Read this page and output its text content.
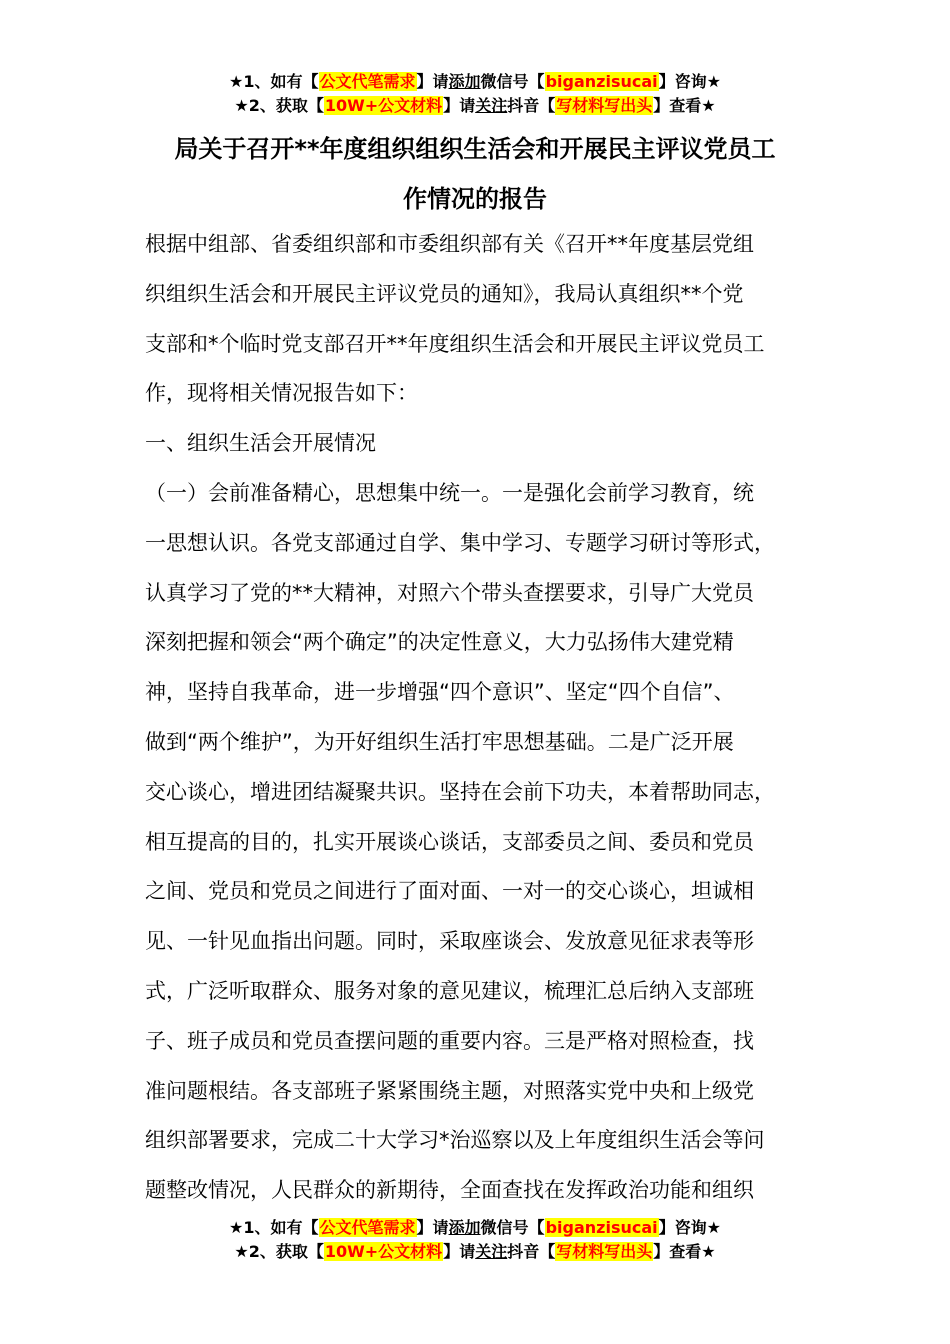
★1、如有【公文代笔需求】请添加微信号【biganzisucai】咨询★
★2、获取【10W+公文材料】请关注抖音【写材料写出头】查看★
局关于召开**年度组织组织生活会和开展民主评议党员工
作情况的报告

根据中组部、省委组织部和市委组织部有关《召开**年度基层党组

织组织生活会和开展民主评议党员的通知》，我局认真组织**个党

支部和*个临时党支部召开**年度组织生活会和开展民主评议党员工

作，现将相关情况报告如下：

一、组织生活会开展情况

（一）会前准备精心，思想集中统一。一是强化会前学习教育，统

一思想认识。各党支部通过自学、集中学习、专题学习研讨等形式，

认真学习了党的**大精神，对照六个带头查摆要求，引导广大党员

深刻把握和领会“两个确定”的决定性意义，大力弘扬伟大建党精

神，坚持自我革命，进一步增强“四个意识”、坚定“四个自信”、

做到“两个维护”，为开好组织生活打牢思想基础。二是广泛开展

交心谈心，增进团结凝聚共识。坚持在会前下功夫，本着帮助同志，

相互提高的目的，扎实开展谈心谈话，支部委员之间、委员和党员

之间、党员和党员之间进行了面对面、一对一的交心谈心，坦诚相

见、一针见血指出问题。同时，采取座谈会、发放意见征求表等形

式，广泛听取群众、服务对象的意见建议，梳理汇总后纳入支部班

子、班子成员和党员查摆问题的重要内容。三是严格对照检查，找

准问题根结。各支部班子紧紧围绕主题，对照落实党中央和上级党

组织部署要求，完成二十大学习*治巡察以及上年度组织生活会等问

题整改情况，人民群众的新期待，全面查找在发挥政治功能和组织

★1、如有【公文代笔需求】请添加微信号【biganzisucai】咨询★
★2、获取【10W+公文材料】请关注抖音【写材料写出头】查看★
